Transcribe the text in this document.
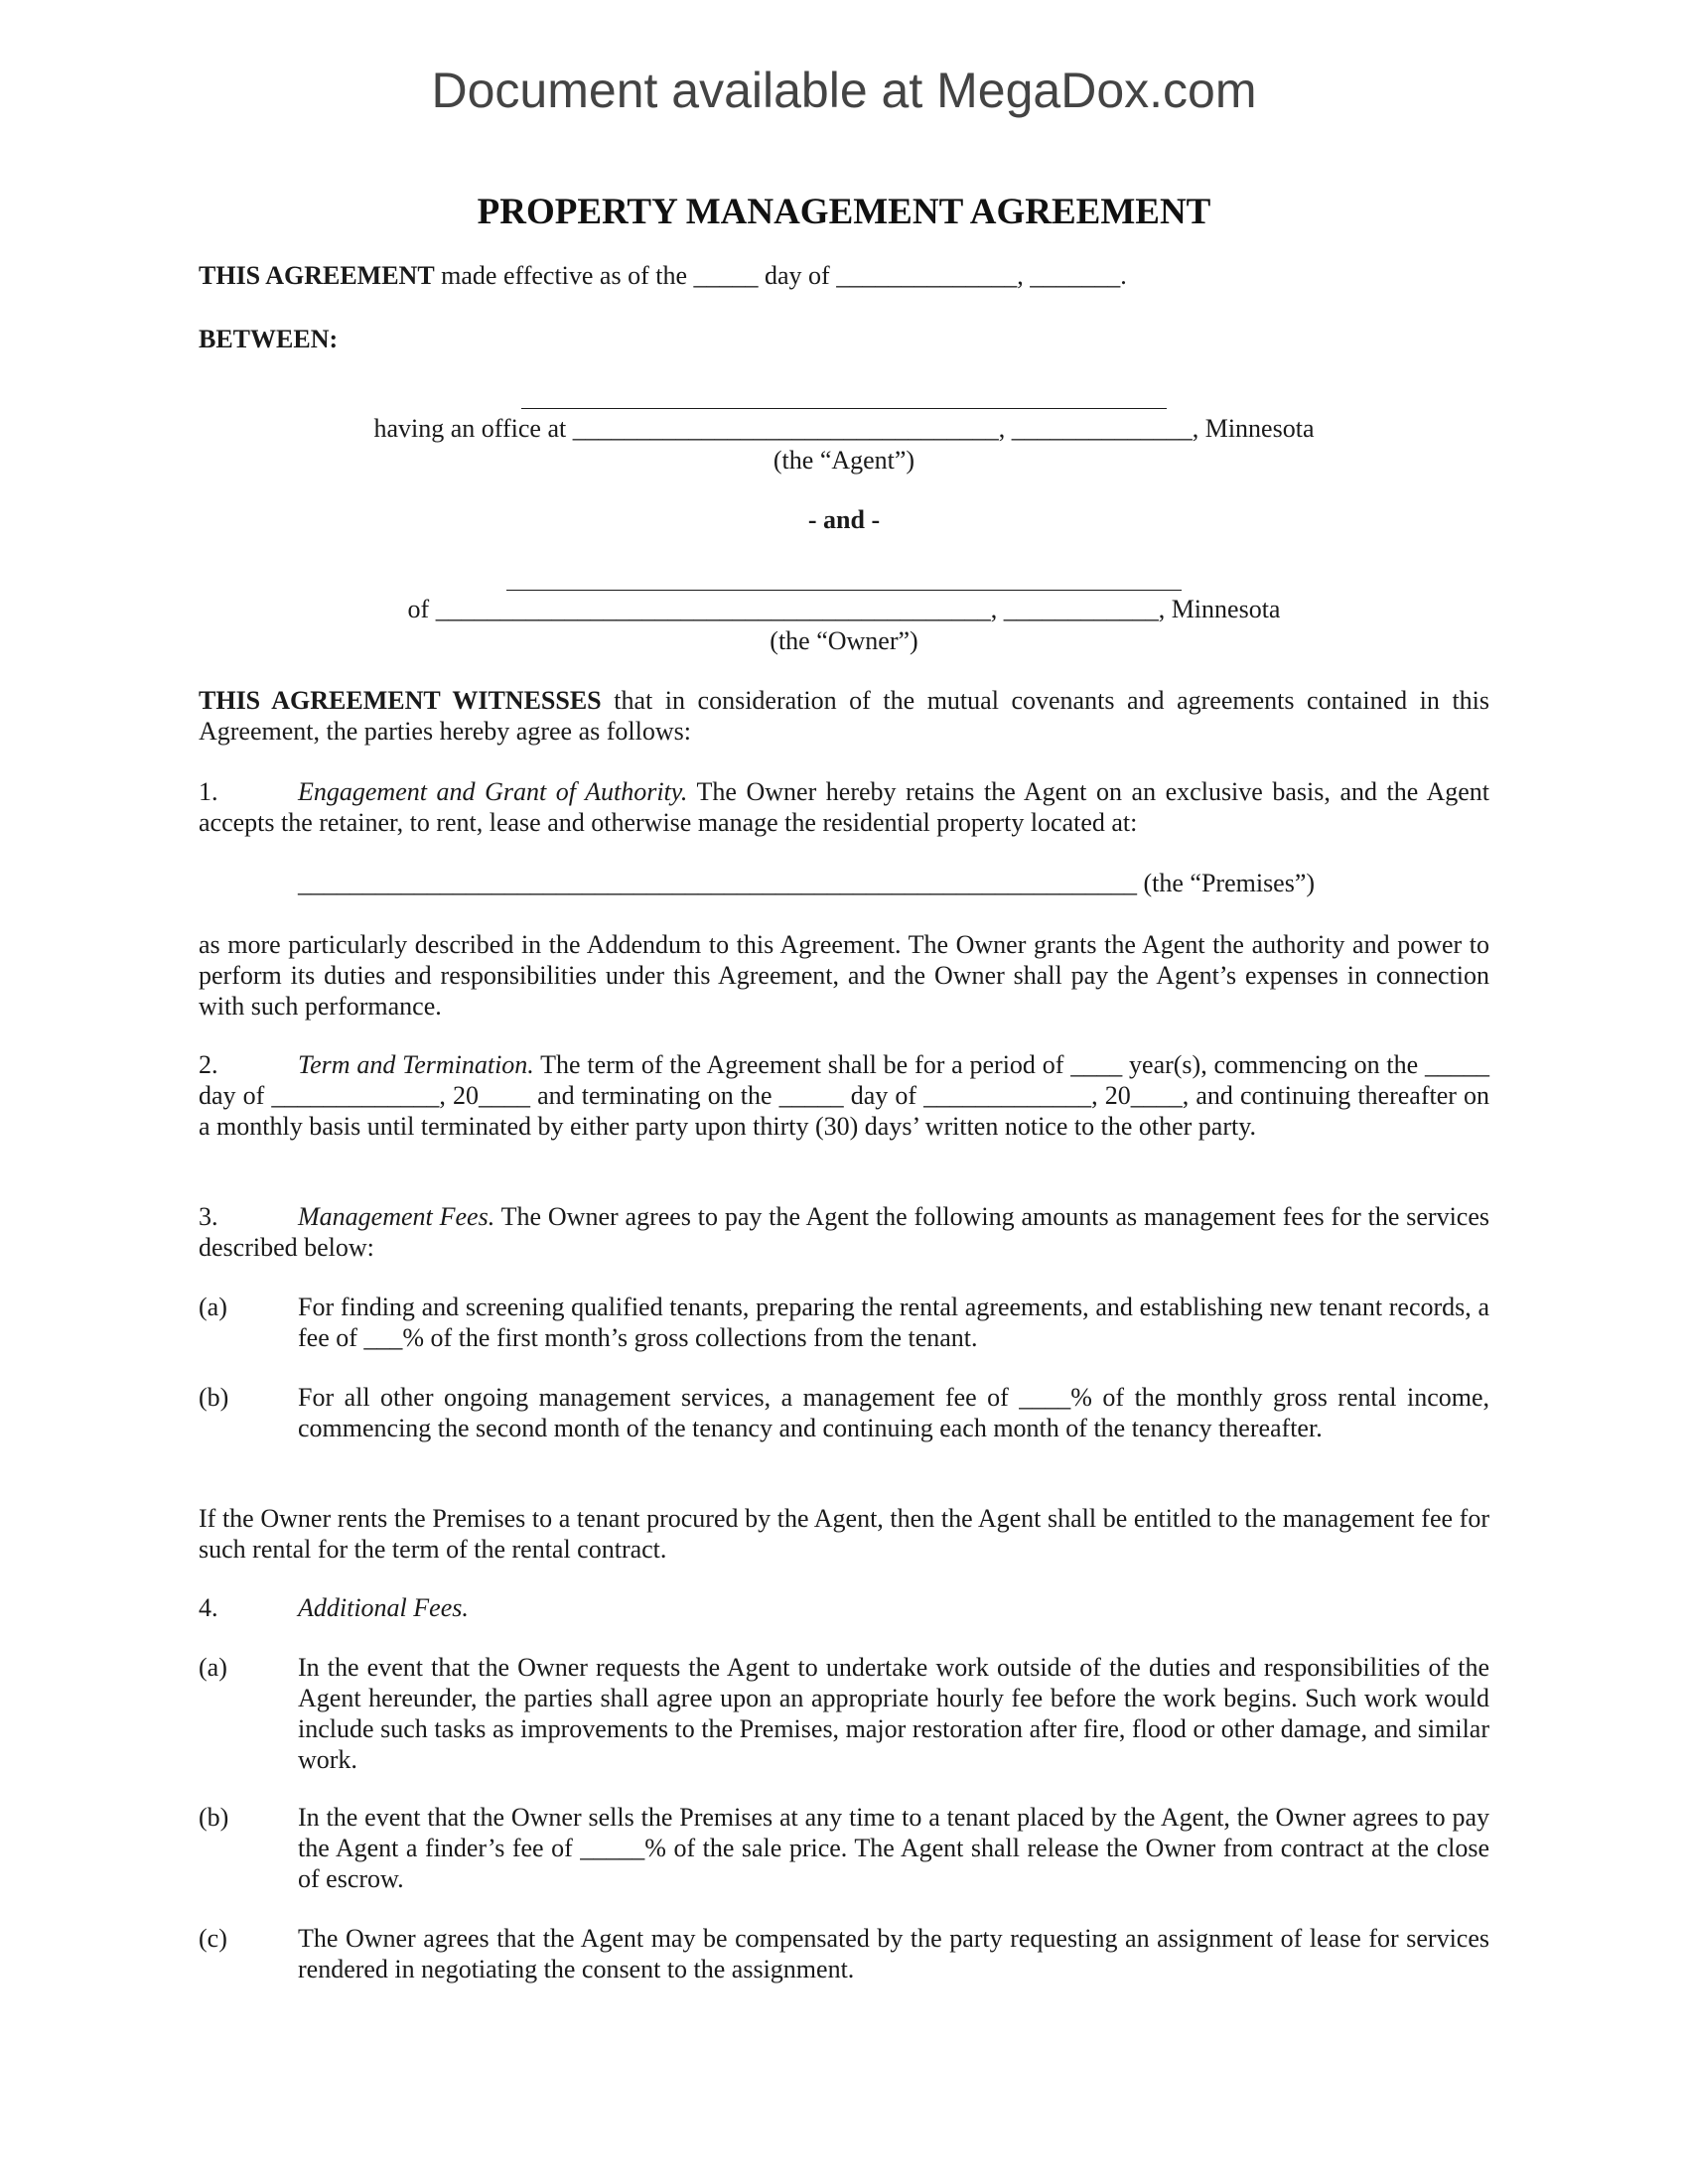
Document available at MegaDox.com
PROPERTY MANAGEMENT AGREEMENT
THIS AGREEMENT made effective as of the _____ day of ______________, _______.
BETWEEN:
having an office at _________________________________, ______________, Minnesota
(the “Agent”)
- and -
of ___________________________________________, ____________, Minnesota
(the “Owner”)
THIS AGREEMENT WITNESSES that in consideration of the mutual covenants and agreements contained in this Agreement, the parties hereby agree as follows:
1.	Engagement and Grant of Authority. The Owner hereby retains the Agent on an exclusive basis, and the Agent accepts the retainer, to rent, lease and otherwise manage the residential property located at:
_________________________________________________________________ (the “Premises”)
as more particularly described in the Addendum to this Agreement. The Owner grants the Agent the authority and power to perform its duties and responsibilities under this Agreement, and the Owner shall pay the Agent’s expenses in connection with such performance.
2.	Term and Termination. The term of the Agreement shall be for a period of ____ year(s), commencing on the _____ day of _____________, 20____ and terminating on the _____ day of _____________, 20____, and continuing thereafter on a monthly basis until terminated by either party upon thirty (30) days’ written notice to the other party.
3.	Management Fees. The Owner agrees to pay the Agent the following amounts as management fees for the services described below:
(a)	For finding and screening qualified tenants, preparing the rental agreements, and establishing new tenant records, a fee of ___% of the first month’s gross collections from the tenant.
(b)	For all other ongoing management services, a management fee of ____% of the monthly gross rental income, commencing the second month of the tenancy and continuing each month of the tenancy thereafter.
If the Owner rents the Premises to a tenant procured by the Agent, then the Agent shall be entitled to the management fee for such rental for the term of the rental contract.
4.	Additional Fees.
(a)	In the event that the Owner requests the Agent to undertake work outside of the duties and responsibilities of the Agent hereunder, the parties shall agree upon an appropriate hourly fee before the work begins. Such work would include such tasks as improvements to the Premises, major restoration after fire, flood or other damage, and similar work.
(b)	In the event that the Owner sells the Premises at any time to a tenant placed by the Agent, the Owner agrees to pay the Agent a finder’s fee of _____% of the sale price. The Agent shall release the Owner from contract at the close of escrow.
(c)	The Owner agrees that the Agent may be compensated by the party requesting an assignment of lease for services rendered in negotiating the consent to the assignment.
